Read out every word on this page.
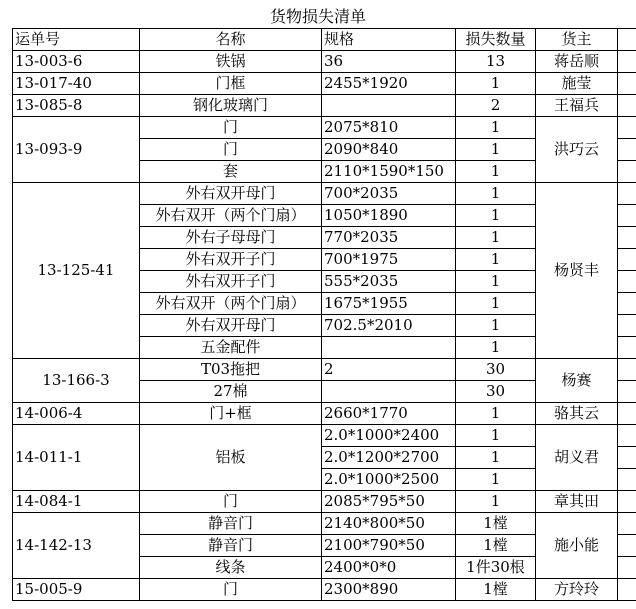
货物损失清单
运单号	名称	规格	损失数量	货主	
13-003-6	铁锅	36	13	蒋岳顺	
13-017-40	门框	2455*1920	1	施莹	
13-085-8	钢化玻璃门		2	王福兵	
13-093-9	门	2075*810	1	洪巧云	
	门	2090*840	1		
	套	2110*1590*150	1		
13-125-41	外右双开母门	700*2035	1	杨贤丰	
	外右双开（两个门扇）	1050*1890	1		
	外右子母母门	770*2035	1		
	外右双开子门	700*1975	1		
	外右双开子门	555*2035	1		
	外右双开（两个门扇）	1675*1955	1		
	外右双开母门	702.5*2010	1		
	五金配件		1		
13-166-3	T03拖把	2	30	杨赛	
	27棉		30		
14-006-4	门+框	2660*1770	1	骆其云	
14-011-1	铝板	2.0*1000*2400	1	胡义君	
		2.0*1200*2700	1		
		2.0*1000*2500	1		
14-084-1	门	2085*795*50	1	章其田	
14-142-13	静音门	2140*800*50	1樘	施小能	
	静音门	2100*790*50	1樘		
	线条	2400*0*0	1件30根		
15-005-9	门	2300*890	1樘	方玲玲	
